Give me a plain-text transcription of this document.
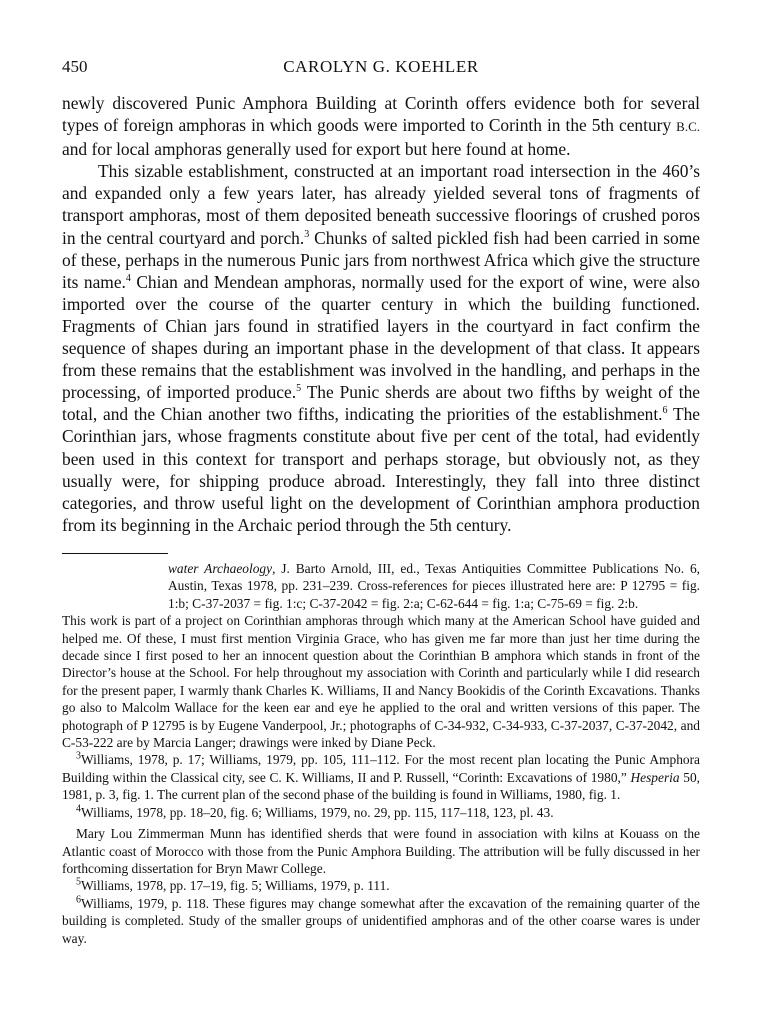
450	CAROLYN G. KOEHLER

newly discovered Punic Amphora Building at Corinth offers evidence both for several types of foreign amphoras in which goods were imported to Corinth in the 5th century B.C. and for local amphoras generally used for export but here found at home.

This sizable establishment, constructed at an important road intersection in the 460’s and expanded only a few years later, has already yielded several tons of fragments of transport amphoras, most of them deposited beneath successive floorings of crushed poros in the central courtyard and porch.$^3$ Chunks of salted pickled fish had been carried in some of these, perhaps in the numerous Punic jars from northwest Africa which give the structure its name.$^4$ Chian and Mendean amphoras, normally used for the export of wine, were also imported over the course of the quarter century in which the building functioned. Fragments of Chian jars found in stratified layers in the courtyard in fact confirm the sequence of shapes during an important phase in the development of that class. It appears from these remains that the establishment was involved in the handling, and perhaps in the processing, of imported produce.$^5$ The Punic sherds are about two fifths by weight of the total, and the Chian another two fifths, indicating the priorities of the establishment.$^6$ The Corinthian jars, whose fragments constitute about five per cent of the total, had evidently been used in this context for transport and perhaps storage, but obviously not, as they usually were, for shipping produce abroad. Interestingly, they fall into three distinct categories, and throw useful light on the development of Corinthian amphora production from its beginning in the Archaic period through the 5th century.

water Archaeology, J. Barto Arnold, III, ed., Texas Antiquities Committee Publications No. 6, Austin, Texas 1978, pp. 231–239. Cross-references for pieces illustrated here are: P 12795 = fig. 1:b; C-37-2037 = fig. 1:c; C-37-2042 = fig. 2:a; C-62-644 = fig. 1:a; C-75-69 = fig. 2:b.

This work is part of a project on Corinthian amphoras through which many at the American School have guided and helped me. Of these, I must first mention Virginia Grace, who has given me far more than just her time during the decade since I first posed to her an innocent question about the Corinthian B amphora which stands in front of the Director’s house at the School. For help throughout my association with Corinth and particularly while I did research for the present paper, I warmly thank Charles K. Williams, II and Nancy Bookidis of the Corinth Excavations. Thanks go also to Malcolm Wallace for the keen ear and eye he applied to the oral and written versions of this paper. The photograph of P 12795 is by Eugene Vanderpool, Jr.; photographs of C-34-932, C-34-933, C-37-2037, C-37-2042, and C-53-222 are by Marcia Langer; drawings were inked by Diane Peck.

$^3$Williams, 1978, p. 17; Williams, 1979, pp. 105, 111–112. For the most recent plan locating the Punic Amphora Building within the Classical city, see C. K. Williams, II and P. Russell, “Corinth: Excavations of 1980,” Hesperia 50, 1981, p. 3, fig. 1. The current plan of the second phase of the building is found in Williams, 1980, fig. 1.

$^4$Williams, 1978, pp. 18–20, fig. 6; Williams, 1979, no. 29, pp. 115, 117–118, 123, pl. 43.

Mary Lou Zimmerman Munn has identified sherds that were found in association with kilns at Kouass on the Atlantic coast of Morocco with those from the Punic Amphora Building. The attribution will be fully discussed in her forthcoming dissertation for Bryn Mawr College.

$^5$Williams, 1978, pp. 17–19, fig. 5; Williams, 1979, p. 111.

$^6$Williams, 1979, p. 118. These figures may change somewhat after the excavation of the remaining quarter of the building is completed. Study of the smaller groups of unidentified amphoras and of the other coarse wares is under way.
